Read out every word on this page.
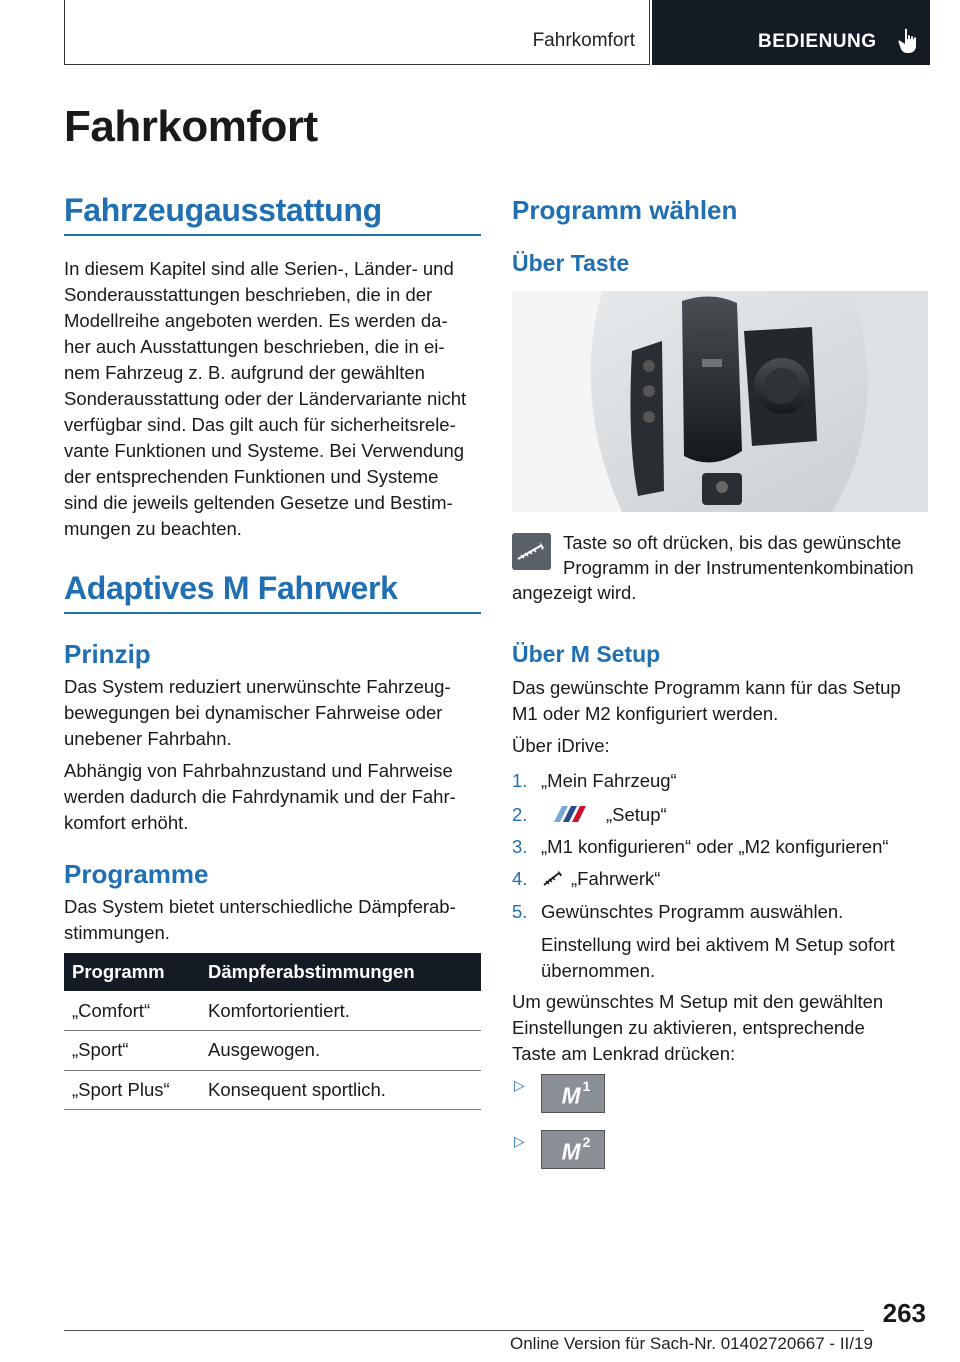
Fahrkomfort	BEDIENUNG
Fahrkomfort
Fahrzeugausstattung
In diesem Kapitel sind alle Serien-, Länder- und
Sonderausstattungen beschrieben, die in der
Modellreihe angeboten werden. Es werden da-
her auch Ausstattungen beschrieben, die in ei-
nem Fahrzeug z. B. aufgrund der gewählten
Sonderausstattung oder der Ländervariante nicht
verfügbar sind. Das gilt auch für sicherheitsrele-
vante Funktionen und Systeme. Bei Verwendung
der entsprechenden Funktionen und Systeme
sind die jeweils geltenden Gesetze und Bestim-
mungen zu beachten.
Adaptives M Fahrwerk
Prinzip
Das System reduziert unerwünschte Fahrzeug-
bewegungen bei dynamischer Fahrweise oder
unebener Fahrbahn.
Abhängig von Fahrbahnzustand und Fahrweise
werden dadurch die Fahrdynamik und der Fahr-
komfort erhöht.
Programme
Das System bietet unterschiedliche Dämpferab-
stimmungen.
Programm	Dämpferabstimmungen
„Comfort“	Komfortorientiert.
„Sport“	Ausgewogen.
„Sport Plus“	Konsequent sportlich.
Programm wählen
Über Taste
Taste so oft drücken, bis das gewünschte
Programm in der Instrumentenkombination
angezeigt wird.
Über M Setup
Das gewünschte Programm kann für das Setup
M1 oder M2 konfiguriert werden.
Über iDrive:
1. „Mein Fahrzeug“
2.	„Setup“
3. „M1 konfigurieren“ oder „M2 konfigurieren“
4. „Fahrwerk“
5. Gewünschtes Programm auswählen.
Einstellung wird bei aktivem M Setup sofort
übernommen.
Um gewünschtes M Setup mit den gewählten
Einstellungen zu aktivieren, entsprechende
Taste am Lenkrad drücken:
▷ M 1
▷ M 2
263
Online Version für Sach-Nr. 01402720667 - II/19
